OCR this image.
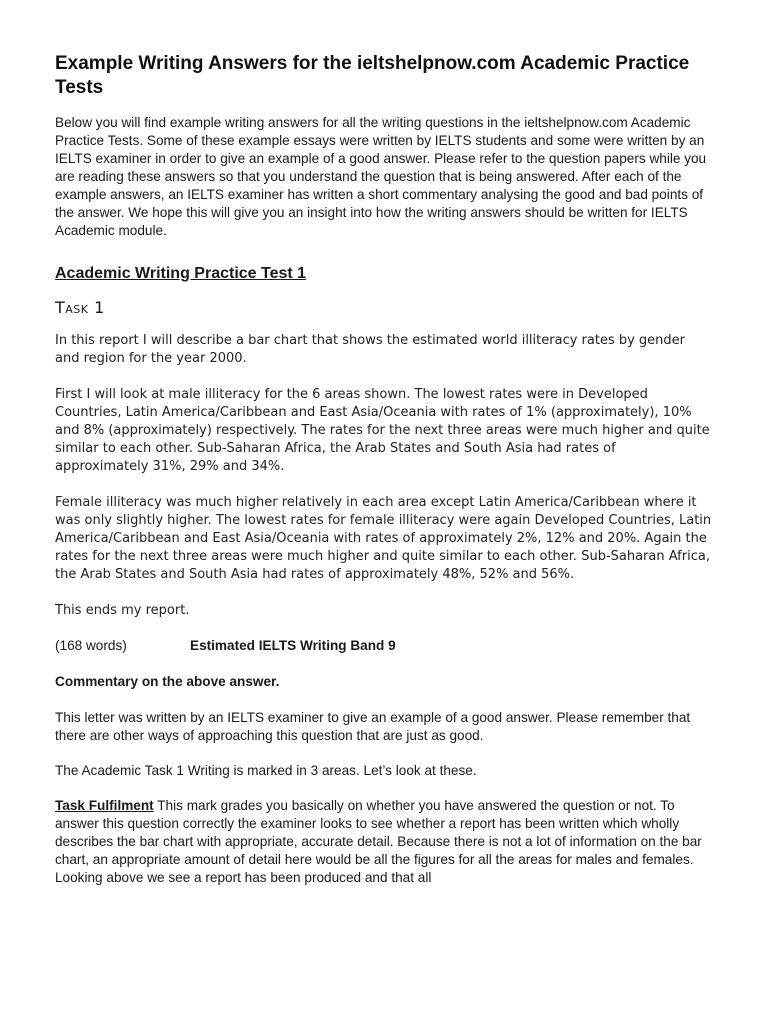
Example Writing Answers for the ieltshelpnow.com Academic Practice Tests

Below you will find example writing answers for all the writing questions in the ieltshelpnow.com Academic Practice Tests. Some of these example essays were written by IELTS students and some were written by an IELTS examiner in order to give an example of a good answer. Please refer to the question papers while you are reading these answers so that you understand the question that is being answered. After each of the example answers, an IELTS examiner has written a short commentary analysing the good and bad points of the answer. We hope this will give you an insight into how the writing answers should be written for IELTS Academic module.

Academic Writing Practice Test 1
Task 1

In this report I will describe a bar chart that shows the estimated world illiteracy rates by gender and region for the year 2000.

First I will look at male illiteracy for the 6 areas shown. The lowest rates were in Developed Countries, Latin America/Caribbean and East Asia/Oceania with rates of 1% (approximately), 10% and 8% (approximately) respectively. The rates for the next three areas were much higher and quite similar to each other. Sub-Saharan Africa, the Arab States and South Asia had rates of approximately 31%, 29% and 34%.

Female illiteracy was much higher relatively in each area except Latin America/Caribbean where it was only slightly higher. The lowest rates for female illiteracy were again Developed Countries, Latin America/Caribbean and East Asia/Oceania with rates of approximately 2%, 12% and 20%. Again the rates for the next three areas were much higher and quite similar to each other. Sub-Saharan Africa, the Arab States and South Asia had rates of approximately 48%, 52% and 56%.

This ends my report.

(168 words)	Estimated IELTS Writing Band 9

Commentary on the above answer.

This letter was written by an IELTS examiner to give an example of a good answer. Please remember that there are other ways of approaching this question that are just as good.

The Academic Task 1 Writing is marked in 3 areas. Let’s look at these.

Task Fulfilment This mark grades you basically on whether you have answered the question or not. To answer this question correctly the examiner looks to see whether a report has been written which wholly describes the bar chart with appropriate, accurate detail. Because there is not a lot of information on the bar chart, an appropriate amount of detail here would be all the figures for all the areas for males and females. Looking above we see a report has been produced and that all
